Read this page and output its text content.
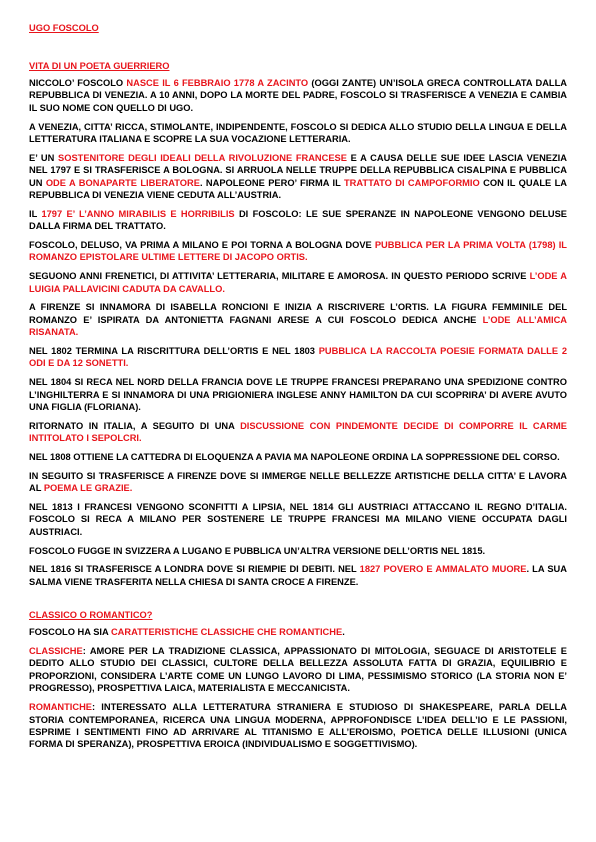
UGO FOSCOLO
VITA DI UN POETA GUERRIERO

NICCOLO’ FOSCOLO NASCE IL 6 FEBBRAIO 1778 A ZACINTO (OGGI ZANTE) UN’ISOLA GRECA CONTROLLATA DALLA REPUBBLICA DI VENEZIA. A 10 ANNI, DOPO LA MORTE DEL PADRE, FOSCOLO SI TRASFERISCE A VENEZIA E CAMBIA IL SUO NOME CON QUELLO DI UGO.

A VENEZIA, CITTA’ RICCA, STIMOLANTE, INDIPENDENTE, FOSCOLO SI DEDICA ALLO STUDIO DELLA LINGUA E DELLA LETTERATURA ITALIANA E SCOPRE LA SUA VOCAZIONE LETTERARIA.

E’ UN SOSTENITORE DEGLI IDEALI DELLA RIVOLUZIONE FRANCESE E A CAUSA DELLE SUE IDEE LASCIA VENEZIA NEL 1797 E SI TRASFERISCE A BOLOGNA. SI ARRUOLA NELLE TRUPPE DELLA REPUBBLICA CISALPINA E PUBBLICA UN ODE A BONAPARTE LIBERATORE. NAPOLEONE PERO’ FIRMA IL TRATTATO DI CAMPOFORMIO CON IL QUALE LA REPUBBLICA DI VENEZIA VIENE CEDUTA ALL’AUSTRIA.

IL 1797 E’ L’ANNO MIRABILIS E HORRIBILIS DI FOSCOLO: LE SUE SPERANZE IN NAPOLEONE VENGONO DELUSE DALLA FIRMA DEL TRATTATO.

FOSCOLO, DELUSO, VA PRIMA A MILANO E POI TORNA A BOLOGNA DOVE PUBBLICA PER LA PRIMA VOLTA (1798) IL ROMANZO EPISTOLARE ULTIME LETTERE DI JACOPO ORTIS.

SEGUONO ANNI FRENETICI, DI ATTIVITA’ LETTERARIA, MILITARE E AMOROSA. IN QUESTO PERIODO SCRIVE L’ODE A LUIGIA PALLAVICINI CADUTA DA CAVALLO.

A FIRENZE SI INNAMORA DI ISABELLA RONCIONI E INIZIA A RISCRIVERE L’ORTIS. LA FIGURA FEMMINILE DEL ROMANZO E’ ISPIRATA DA ANTONIETTA FAGNANI ARESE A CUI FOSCOLO DEDICA ANCHE L’ODE ALL’AMICA RISANATA.

NEL 1802 TERMINA LA RISCRITTURA DELL’ORTIS E NEL 1803 PUBBLICA LA RACCOLTA POESIE FORMATA DALLE 2 ODI E DA 12 SONETTI.

NEL 1804 SI RECA NEL NORD DELLA FRANCIA DOVE LE TRUPPE FRANCESI PREPARANO UNA SPEDIZIONE CONTRO L’INGHILTERRA E SI INNAMORA DI UNA PRIGIONIERA INGLESE ANNY HAMILTON DA CUI SCOPRIRA’ DI AVERE AVUTO UNA FIGLIA (FLORIANA).

RITORNATO IN ITALIA, A SEGUITO DI UNA DISCUSSIONE CON PINDEMONTE DECIDE DI COMPORRE IL CARME INTITOLATO I SEPOLCRI.

NEL 1808 OTTIENE LA CATTEDRA DI ELOQUENZA A PAVIA MA NAPOLEONE ORDINA LA SOPPRESSIONE DEL CORSO.

IN SEGUITO SI TRASFERISCE A FIRENZE DOVE SI IMMERGE NELLE BELLEZZE ARTISTICHE DELLA CITTA’ E LAVORA AL POEMA LE GRAZIE.

NEL 1813 I FRANCESI VENGONO SCONFITTI A LIPSIA, NEL 1814 GLI AUSTRIACI ATTACCANO IL REGNO D’ITALIA. FOSCOLO SI RECA A MILANO PER SOSTENERE LE TRUPPE FRANCESI MA MILANO VIENE OCCUPATA DAGLI AUSTRIACI.

FOSCOLO FUGGE IN SVIZZERA A LUGANO E PUBBLICA UN’ALTRA VERSIONE DELL’ORTIS NEL 1815.

NEL 1816 SI TRASFERISCE A LONDRA DOVE SI RIEMPIE DI DEBITI. NEL 1827 POVERO E AMMALATO MUORE. LA SUA SALMA VIENE TRASFERITA NELLA CHIESA DI SANTA CROCE A FIRENZE.

CLASSICO O ROMANTICO?

FOSCOLO HA SIA CARATTERISTICHE CLASSICHE CHE ROMANTICHE.

CLASSICHE: AMORE PER LA TRADIZIONE CLASSICA, APPASSIONATO DI MITOLOGIA, SEGUACE DI ARISTOTELE E DEDITO ALLO STUDIO DEI CLASSICI, CULTORE DELLA BELLEZZA ASSOLUTA FATTA DI GRAZIA, EQUILIBRIO E PROPORZIONI, CONSIDERA L’ARTE COME UN LUNGO LAVORO DI LIMA, PESSIMISMO STORICO (LA STORIA NON E’ PROGRESSO), PROSPETTIVA LAICA, MATERIALISTA E MECCANICISTA.

ROMANTICHE: INTERESSATO ALLA LETTERATURA STRANIERA E STUDIOSO DI SHAKESPEARE, PARLA DELLA STORIA CONTEMPORANEA, RICERCA UNA LINGUA MODERNA, APPROFONDISCE L’IDEA DELL’IO E LE PASSIONI, ESPRIME I SENTIMENTI FINO AD ARRIVARE AL TITANISMO E ALL’EROISMO, POETICA DELLE ILLUSIONI (UNICA FORMA DI SPERANZA), PROSPETTIVA EROICA (INDIVIDUALISMO E SOGGETTIVISMO).
